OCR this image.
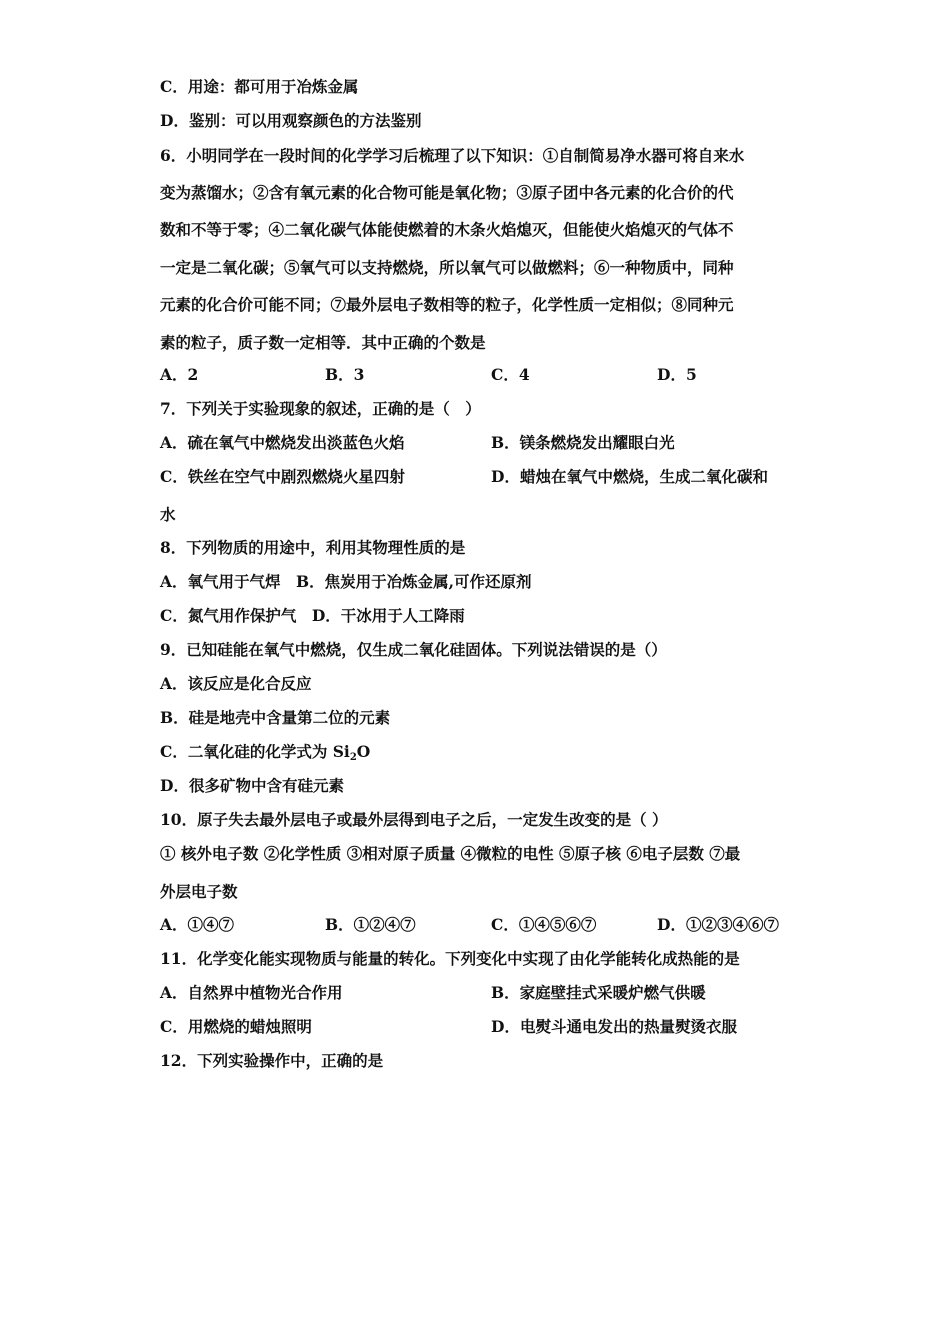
C．用途：都可用于冶炼金属
D．鉴别：可以用观察颜色的方法鉴别
6．小明同学在一段时间的化学学习后梳理了以下知识：①自制简易净水器可将自来水
变为蒸馏水；②含有氧元素的化合物可能是氧化物；③原子团中各元素的化合价的代
数和不等于零；④二氧化碳气体能使燃着的木条火焰熄灭，但能使火焰熄灭的气体不
一定是二氧化碳；⑤氧气可以支持燃烧，所以氧气可以做燃料；⑥一种物质中，同种
元素的化合价可能不同；⑦最外层电子数相等的粒子，化学性质一定相似；⑧同种元
素的粒子，质子数一定相等．其中正确的个数是
A．2	B．3	C．4	D．5
7．下列关于实验现象的叙述，正确的是（　）
A．硫在氧气中燃烧发出淡蓝色火焰	B．镁条燃烧发出耀眼白光
C．铁丝在空气中剧烈燃烧火星四射	D．蜡烛在氧气中燃烧，生成二氧化碳和
水
8．下列物质的用途中，利用其物理性质的是
A．氧气用于气焊　B．焦炭用于冶炼金属,可作还原剂
C．氮气用作保护气　D．干冰用于人工降雨
9．已知硅能在氧气中燃烧，仅生成二氧化硅固体。下列说法错误的是（）
A．该反应是化合反应
B．硅是地壳中含量第二位的元素
C．二氧化硅的化学式为 $Si_2O$
D．很多矿物中含有硅元素
10．原子失去最外层电子或最外层得到电子之后，一定发生改变的是（ ）
① 核外电子数 ②化学性质 ③相对原子质量 ④微粒的电性 ⑤原子核 ⑥电子层数 ⑦最
外层电子数
A．①④⑦	B．①②④⑦	C．①④⑤⑥⑦	D．①②③④⑥⑦
11．化学变化能实现物质与能量的转化。下列变化中实现了由化学能转化成热能的是
A．自然界中植物光合作用	B．家庭壁挂式采暖炉燃气供暖
C．用燃烧的蜡烛照明	D．电熨斗通电发出的热量熨烫衣服
12．下列实验操作中，正确的是
